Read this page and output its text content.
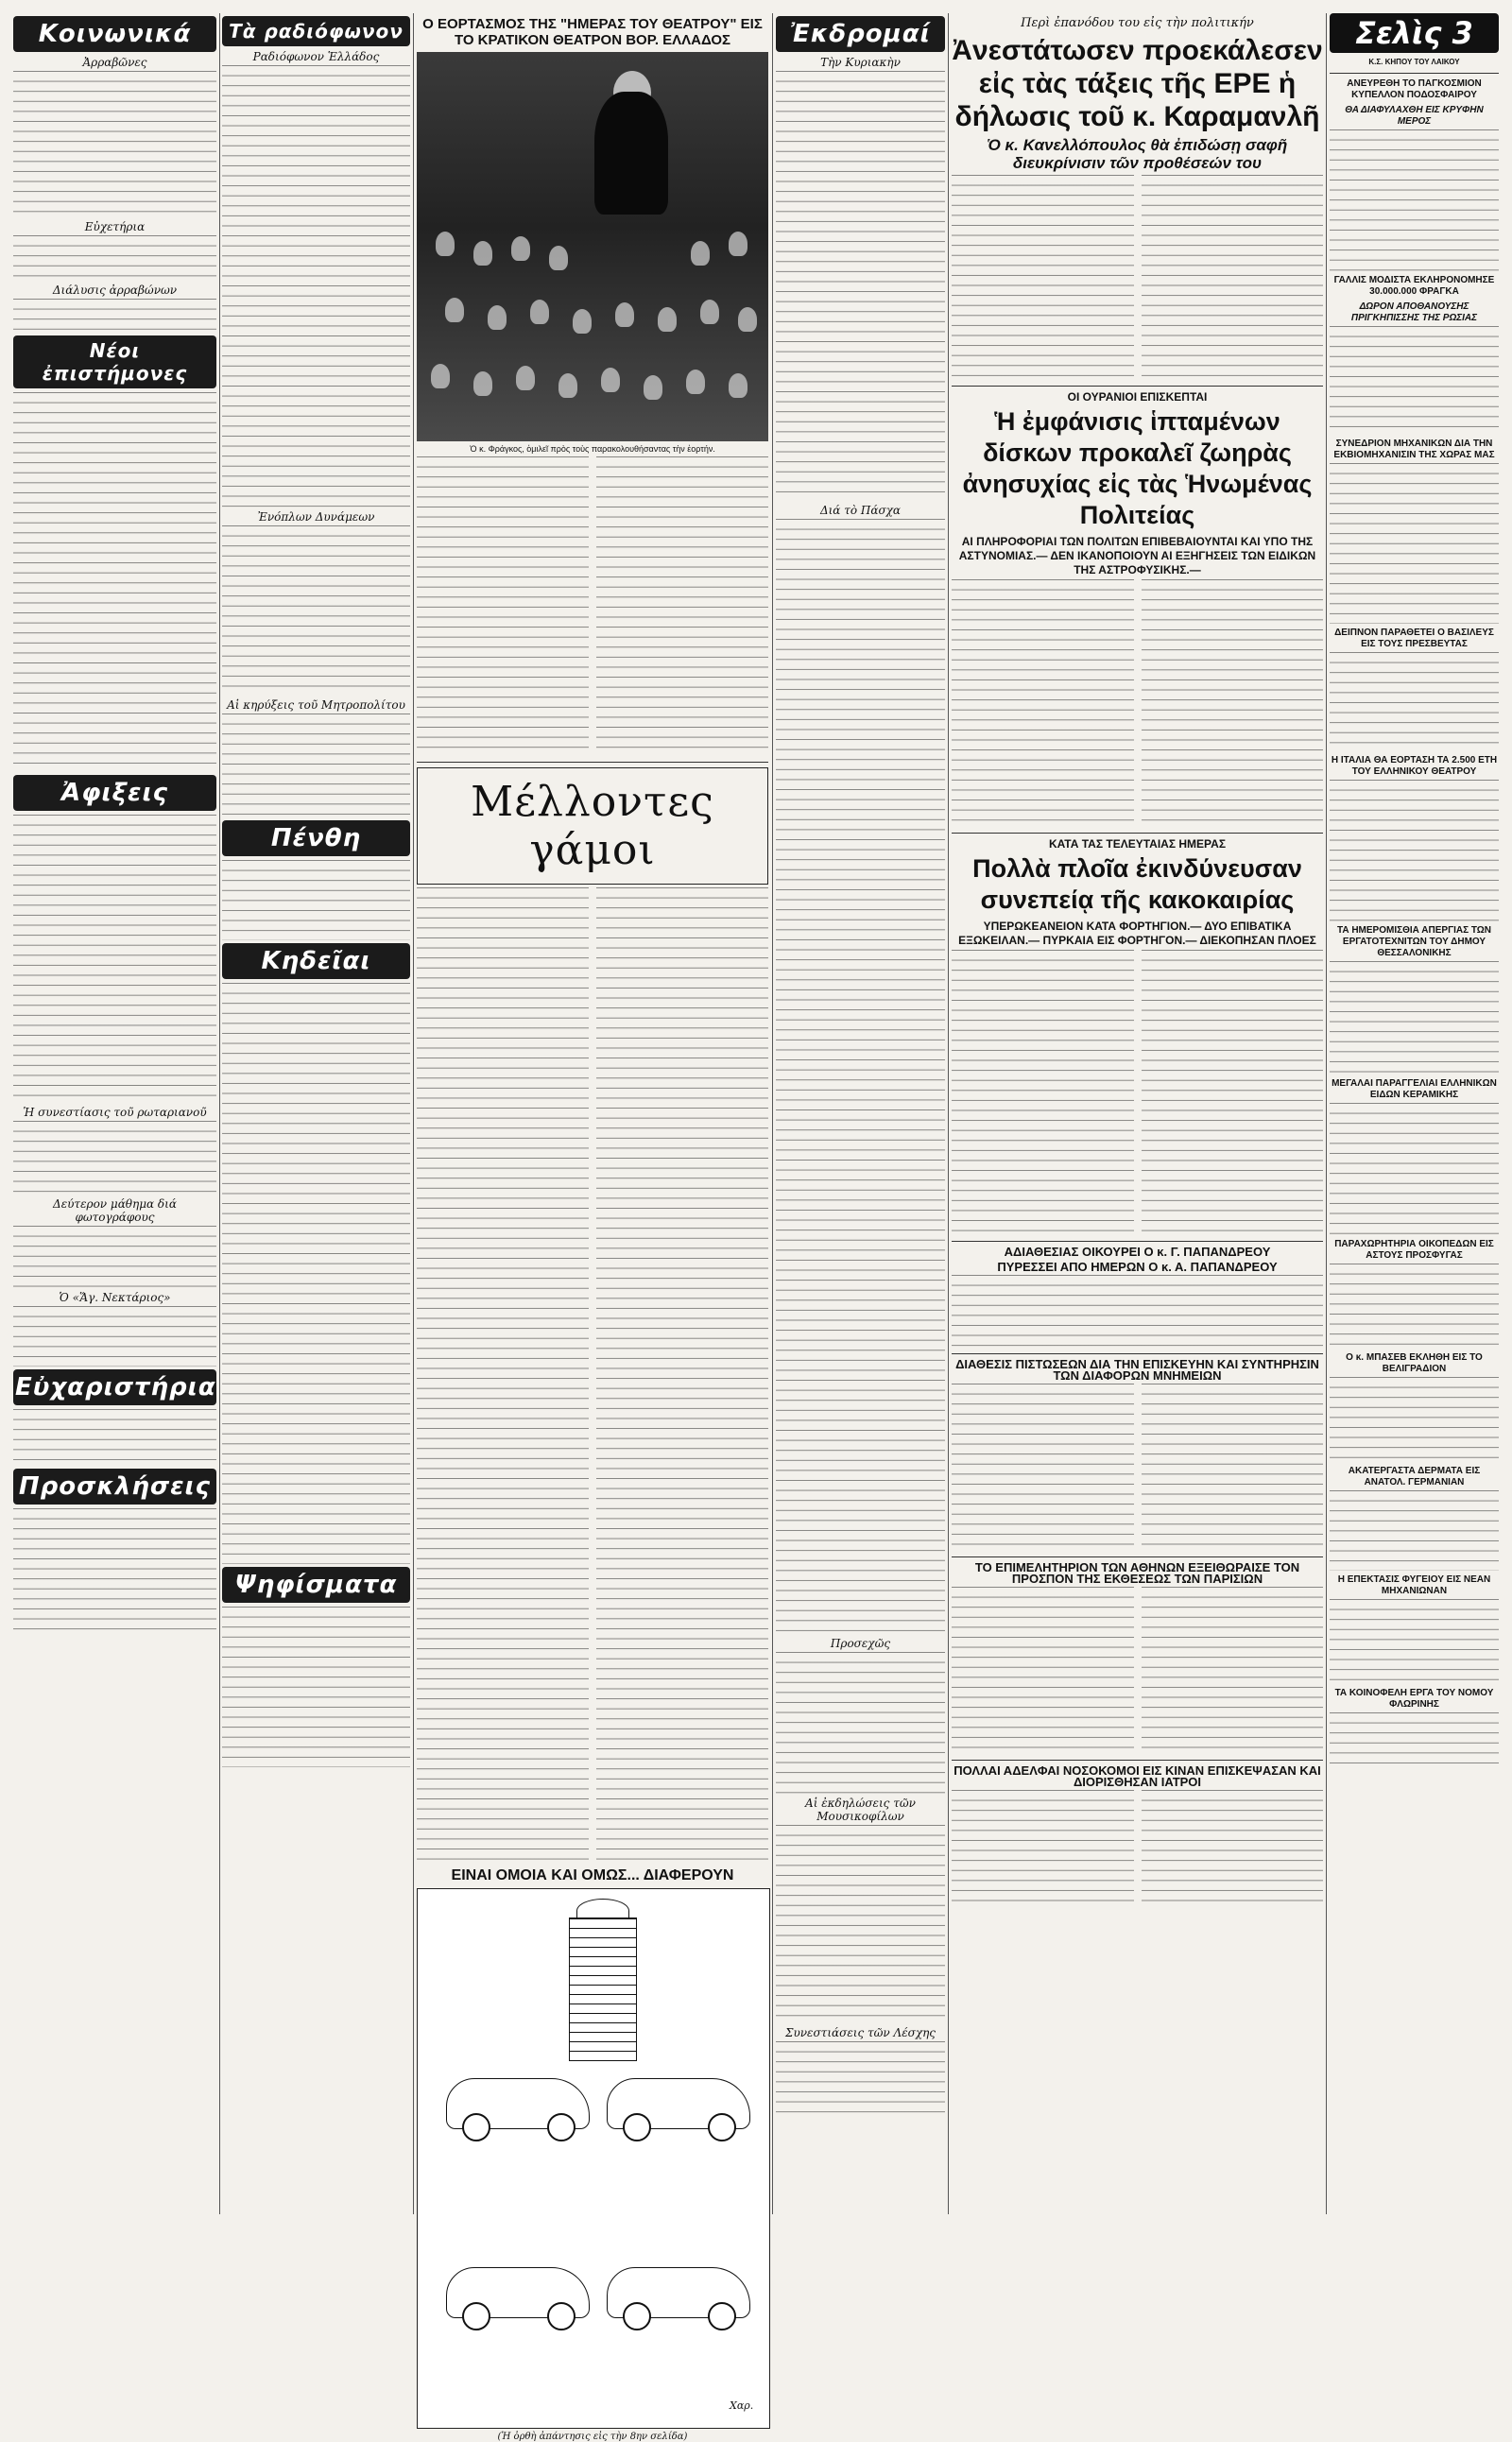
Κοινωνικά
Ἀρραβῶνες
Εὐχετήρια
Διάλυσις ἀρραβώνων
Νέοι ἐπιστήμονες
Ἀφιξεις
Ἡ συνεστίασις τοῦ ρωταριανοῦ
Δεύτερον μάθημα διά φωτογράφους
Ὁ «Ἅγ. Νεκτάριος»
Εὐχαριστήρια
Προσκλήσεις
Τὰ ραδιόφωνον
Ραδιόφωνον Ἑλλάδος
Ἐνόπλων Δυνάμεων
Αἱ κηρύξεις τοῦ Μητροπολίτου
Πένθη
Κηδεῖαι
Ψηφίσματα
Ο ΕΟΡΤΑΣΜΟΣ ΤΗΣ "ΗΜΕΡΑΣ ΤΟΥ ΘΕΑΤΡΟΥ" ΕΙΣ ΤΟ ΚΡΑΤΙΚΟΝ ΘΕΑΤΡΟΝ ΒΟΡ. ΕΛΛΑΔΟΣ
Ὁ κ. Φράγκος, ὁμιλεῖ πρὸς τοὺς παρακολουθήσαντας τὴν ἑορτήν.
Μέλλοντες γάμοι
ΕΙΝΑΙ ΟΜΟΙΑ ΚΑΙ ΟΜΩΣ... ΔΙΑΦΕΡΟΥΝ
Χαρ.
(Ἡ ὀρθὴ ἀπάντησις εἰς τὴν 8ην σελίδα)
Ἐκδρομαί
Τὴν Κυριακὴν
Διά τὸ Πάσχα
Προσεχῶς
Αἱ ἐκδηλώσεις τῶν Μουσικοφίλων
Συνεστιάσεις τῶν Λέσχης
Περὶ ἐπανόδου του εἰς τὴν πολιτικήν
Ἀνεστάτωσεν προεκάλεσεν εἰς τὰς τάξεις τῆς ΕΡΕ ἡ δήλωσις τοῦ κ. Καραμανλῆ
Ὁ κ. Κανελλόπουλος θὰ ἐπιδώσῃ σαφῆ διευκρίνισιν τῶν προθέσεών του
ΟΙ ΟΥΡΑΝΙΟΙ ΕΠΙΣΚΕΠΤΑΙ
Ἡ ἐμφάνισις ἱπταμένων δίσκων προκαλεῖ ζωηρὰς ἀνησυχίας εἰς τὰς Ἡνωμένας Πολιτείας
ΑΙ ΠΛΗΡΟΦΟΡΙΑΙ ΤΩΝ ΠΟΛΙΤΩΝ ΕΠΙΒΕΒΑΙΟΥΝΤΑΙ ΚΑΙ ΥΠΟ ΤΗΣ ΑΣΤΥΝΟΜΙΑΣ.— ΔΕΝ ΙΚΑΝΟΠΟΙΟΥΝ ΑΙ ΕΞΗΓΗΣΕΙΣ ΤΩΝ ΕΙΔΙΚΩΝ ΤΗΣ ΑΣΤΡΟΦΥΣΙΚΗΣ.—
ΚΑΤΑ ΤΑΣ ΤΕΛΕΥΤΑΙΑΣ ΗΜΕΡΑΣ
Πολλὰ πλοῖα ἐκινδύνευσαν συνεπείᾳ τῆς κακοκαιρίας
ΥΠΕΡΩΚΕΑΝΕΙΟΝ ΚΑΤΑ ΦΟΡΤΗΓΙΟΝ.— ΔΥΟ ΕΠΙΒΑΤΙΚΑ ΕΞΩΚΕΙΛΑΝ.— ΠΥΡΚΑΙΑ ΕΙΣ ΦΟΡΤΗΓΟΝ.— ΔΙΕΚΟΠΗΣΑΝ ΠΛΟΕΣ
ΑΔΙΑΘΕΣΙΑΣ ΟΙΚΟΥΡΕΙ Ο κ. Γ. ΠΑΠΑΝΔΡΕΟΥ
ΠΥΡΕΣΣΕΙ ΑΠΟ ΗΜΕΡΩΝ Ο κ. Α. ΠΑΠΑΝΔΡΕΟΥ
ΔΙΑΘΕΣΙΣ ΠΙΣΤΩΣΕΩΝ ΔΙΑ ΤΗΝ ΕΠΙΣΚΕΥΗΝ ΚΑΙ ΣΥΝΤΗΡΗΣΙΝ ΤΩΝ ΔΙΑΦΟΡΩΝ ΜΝΗΜΕΙΩΝ
ΤΟ ΕΠΙΜΕΛΗΤΗΡΙΟΝ ΤΩΝ ΑΘΗΝΩΝ ΕΞΕΙΘΩΡΑΙΣΕ ΤΟΝ ΠΡΟΣΠΟΝ ΤΗΣ ΕΚΘΕΣΕΩΣ ΤΩΝ ΠΑΡΙΣΙΩΝ
ΠΟΛΛΑΙ ΑΔΕΛΦΑΙ ΝΟΣΟΚΟΜΟΙ ΕΙΣ ΚΙΝΑΝ ΕΠΙΣΚΕΨΑΣΑΝ ΚΑΙ ΔΙΟΡΙΣΘΗΣΑΝ ΙΑΤΡΟΙ
Σελὶς 3
Κ.Σ. ΚΗΠΟΥ ΤΟΥ ΛΑΙΚΟΥ
ΑΝΕΥΡΕΘΗ ΤΟ ΠΑΓΚΟΣΜΙΟΝ ΚΥΠΕΛΛΟΝ ΠΟΔΟΣΦΑΙΡΟΥ
ΘΑ ΔΙΑΦΥΛΑΧΘΗ ΕΙΣ ΚΡΥΦΗΝ ΜΕΡΟΣ
ΓΑΛΛΙΣ ΜΟΔΙΣΤΑ ΕΚΛΗΡΟΝΟΜΗΣΕ 30.000.000 ΦΡΑΓΚΑ
ΔΩΡΟΝ ΑΠΟΘΑΝΟΥΣΗΣ ΠΡΙΓΚΗΠΙΣΣΗΣ ΤΗΣ ΡΩΣΙΑΣ
ΣΥΝΕΔΡΙΟΝ ΜΗΧΑΝΙΚΩΝ ΔΙΑ ΤΗΝ ΕΚΒΙΟΜΗΧΑΝΙΣΙΝ ΤΗΣ ΧΩΡΑΣ ΜΑΣ
ΔΕΙΠΝΟΝ ΠΑΡΑΘΕΤΕΙ Ο ΒΑΣΙΛΕΥΣ ΕΙΣ ΤΟΥΣ ΠΡΕΣΒΕΥΤΑΣ
Η ΙΤΑΛΙΑ ΘΑ ΕΟΡΤΑΣΗ ΤΑ 2.500 ΕΤΗ ΤΟΥ ΕΛΛΗΝΙΚΟΥ ΘΕΑΤΡΟΥ
ΤΑ ΗΜΕΡΟΜΙΣΘΙΑ ΑΠΕΡΓΙΑΣ ΤΩΝ ΕΡΓΑΤΟΤΕΧΝΙΤΩΝ ΤΟΥ ΔΗΜΟΥ ΘΕΣΣΑΛΟΝΙΚΗΣ
ΜΕΓΑΛΑΙ ΠΑΡΑΓΓΕΛΙΑΙ ΕΛΛΗΝΙΚΩΝ ΕΙΔΩΝ ΚΕΡΑΜΙΚΗΣ
ΠΑΡΑΧΩΡΗΤΗΡΙΑ ΟΙΚΟΠΕΔΩΝ ΕΙΣ ΑΣΤΟΥΣ ΠΡΟΣΦΥΓΑΣ
Ο κ. ΜΠΑΣΕΒ ΕΚΛΗΘΗ ΕΙΣ ΤΟ ΒΕΛΙΓΡΑΔΙΟΝ
ΑΚΑΤΕΡΓΑΣΤΑ ΔΕΡΜΑΤΑ ΕΙΣ ΑΝΑΤΟΛ. ΓΕΡΜΑΝΙΑΝ
Η ΕΠΕΚΤΑΣΙΣ ΦΥΓΕΙΟΥ ΕΙΣ ΝΕΑΝ ΜΗΧΑΝΙΩΝΑΝ
ΤΑ ΚΟΙΝΟΦΕΛΗ ΕΡΓΑ ΤΟΥ ΝΟΜΟΥ ΦΛΩΡΙΝΗΣ
